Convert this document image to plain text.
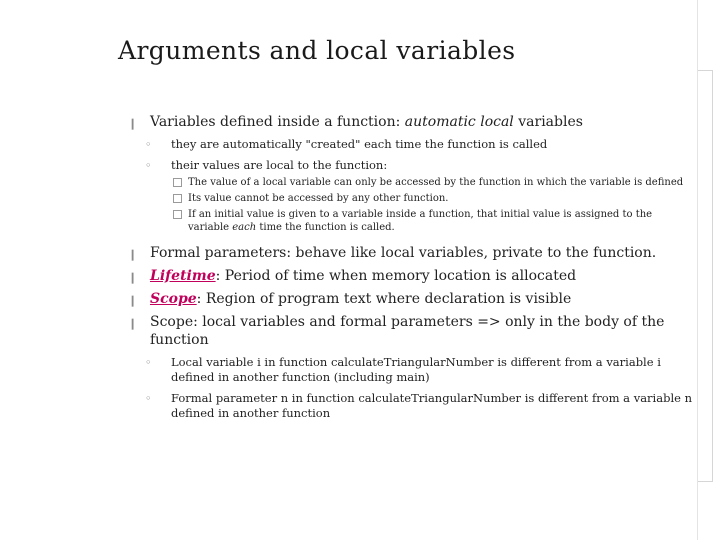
Arguments and local variables
❙ Variables defined inside a function: automatic local variables
◦ they are automatically "created" each time the function is called
◦ their values are local to the function:
The value of a local variable can only be accessed by the function in which the variable is defined
Its value cannot be accessed by any other function.
If an initial value is given to a variable inside a function, that initial value is assigned to the variable each time the function is called.
❙ Formal parameters: behave like local variables, private to the function.
❙ Lifetime: Period of time when memory location is allocated
❙ Scope: Region of program text where declaration is visible
❙ Scope: local variables and formal parameters => only in the body of the function
◦ Local variable i in function calculateTriangularNumber is different from a variable i defined in another function (including main)
◦ Formal parameter n in function calculateTriangularNumber is different from a variable n defined in another function
